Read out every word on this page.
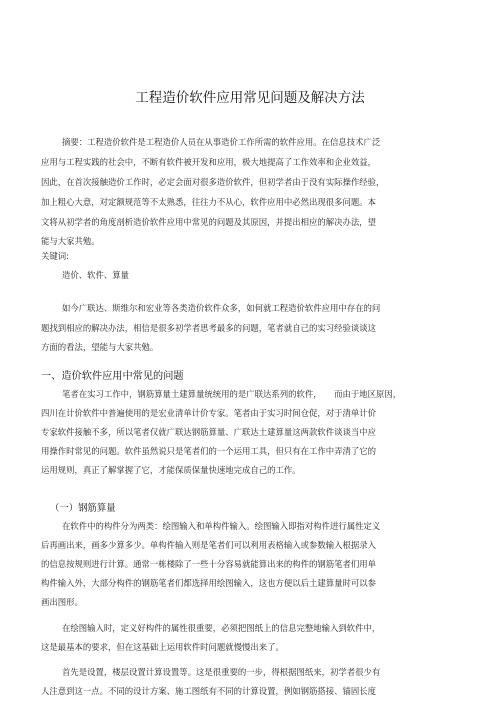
工程造价软件应用常见问题及解决方法
摘要：工程造价软件是工程造价人员在从事造价工作所需的软件应用。在信息技术广泛
应用与工程实践的社会中，不断有软件被开发和应用，极大地提高了工作效率和企业效益，
因此，在首次接触造价工作时，必定会面对很多造价软件，但初学者由于没有实际操作经验，
加上粗心大意，对定额规范等不太熟悉，往往力不从心，软件应用中必然出现很多问题。本
文将从初学者的角度剖析造价软件应用中常见的问题及其原因，并提出相应的解决办法，望
能与大家共勉。
关键词:
造价、软件、算量
如今广联达、斯维尔和宏业等各类造价软件众多，如何就工程造价软件应用中存在的问
题找到相应的解决办法，相信是很多初学者思考最多的问题，笔者就自己的实习经验谈谈这
方面的看法，望能与大家共勉。
一、造价软件应用中常见的问题
笔者在实习工作中，钢筋算量土建算量统统用的是广联达系列的软件，　　而由于地区原因，
四川在计价软件中普遍使用的是宏业清单计价专家。笔者由于实习时间仓促，对于清单计价
专家软件接触不多，所以笔者仅就广联达钢筋算量、广联达土建算量这两款软件谈谈当中应
用操作时常见的问题。软件虽然说只是笔者们的一个运用工具，但只有在工作中弄清了它的
运用规则，真正了解掌握了它，才能保质保量快速地完成自己的工作。
（一）钢筋算量
在软件中的构件分为两类：绘图输入和单构件输入。绘图输入即指对构件进行属性定义
后再画出来，画多少算多少。单构件输入则是笔者们可以利用表格输入或参数输入根据录入
的信息按规则进行计算。通常一栋楼除了一些十分容易就能算出来的构件的钢筋笔者们用单
构件输入外，大部分构件的钢筋笔者们都选择用绘图输入，这也方便以后土建算量时可以参
画出图形。
在绘图输入时，定义好构件的属性很重要，必须把图纸上的信息完整地输入到软件中，
这是最基本的要求，但在这基础上运用软件时问题就慢慢出来了。
首先是设置，楼层设置计算设置等。这是很重要的一步，得根据图纸来，初学者很少有
人注意到这一点。不同的设计方案、施工图纸有不同的计算设置，例如钢筋搭接、锚固长度
